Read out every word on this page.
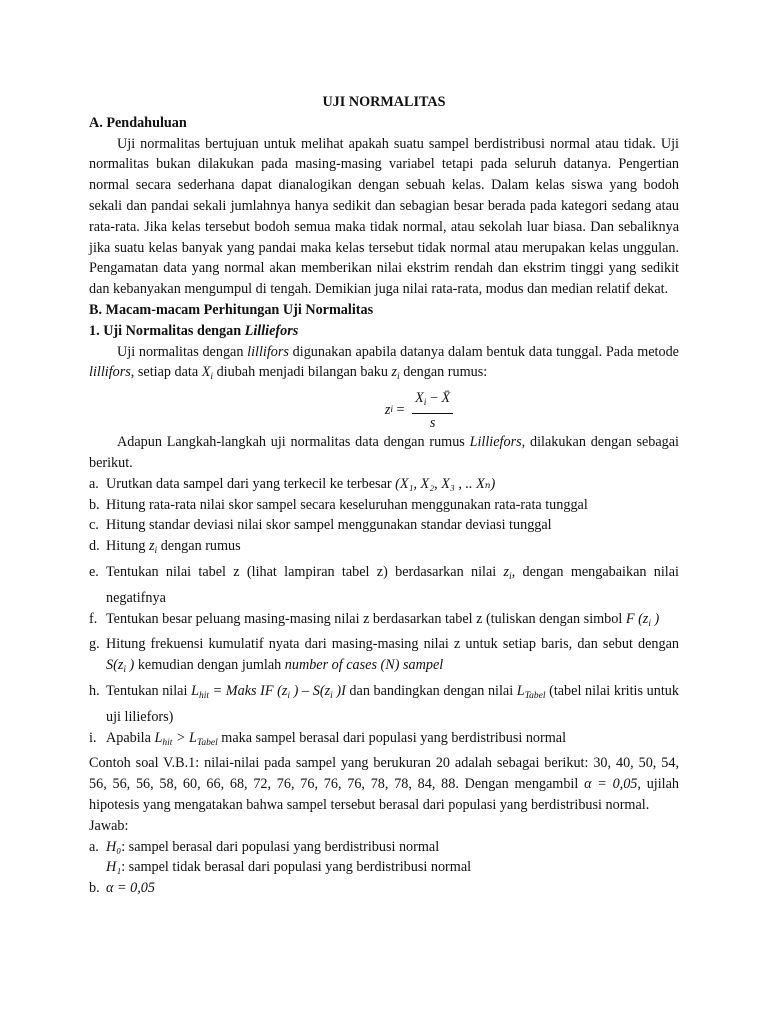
UJI NORMALITAS

A. Pendahuluan

Uji normalitas bertujuan untuk melihat apakah suatu sampel berdistribusi normal atau tidak. Uji normalitas bukan dilakukan pada masing-masing variabel tetapi pada seluruh datanya. Pengertian normal secara sederhana dapat dianalogikan dengan sebuah kelas. Dalam kelas siswa yang bodoh sekali dan pandai sekali jumlahnya hanya sedikit dan sebagian besar berada pada kategori sedang atau rata-rata. Jika kelas tersebut bodoh semua maka tidak normal, atau sekolah luar biasa. Dan sebaliknya jika suatu kelas banyak yang pandai maka kelas tersebut tidak normal atau merupakan kelas unggulan. Pengamatan data yang normal akan memberikan nilai ekstrim rendah dan ekstrim tinggi yang sedikit dan kebanyakan mengumpul di tengah. Demikian juga nilai rata-rata, modus dan median relatif dekat.

B. Macam-macam Perhitungan Uji Normalitas

1. Uji Normalitas dengan Lilliefors

Uji normalitas dengan lillifors digunakan apabila datanya dalam bentuk data tunggal. Pada metode lillifors, setiap data $X_i$ diubah menjadi bilangan baku $z_i$ dengan rumus:

z $i = \frac{X_i - X̄}{s}$

Adapun Langkah-langkah uji normalitas data dengan rumus Lilliefors, dilakukan dengan sebagai berikut.

a. Urutkan data sampel dari yang terkecil ke terbesar (X₁, X₂, X₃ , .. Xₙ)
b. Hitung rata-rata nilai skor sampel secara keseluruhan menggunakan rata-rata tunggal
c. Hitung standar deviasi nilai skor sampel menggunakan standar deviasi tunggal
d. Hitung $z_i$ dengan rumus
e. Tentukan nilai tabel z (lihat lampiran tabel z) berdasarkan nilai $z_i$, dengan mengabaikan nilai negatifnya
f. Tentukan besar peluang masing-masing nilai z berdasarkan tabel z (tuliskan dengan simbol F ($z_i$ )
g. Hitung frekuensi kumulatif nyata dari masing-masing nilai z untuk setiap baris, dan sebut dengan $S(z_i$ ) kemudian dengan jumlah number of cases (N) sampel
h. Tentukan nilai $L_{hit}$ = Maks IF ($z_i$ ) – $S(z_i$ )I dan bandingkan dengan nilai $L_{Tabel}$ (tabel nilai kritis untuk uji liliefors)
i. Apabila $L_{hit} > L_{Tabel}$ maka sampel berasal dari populasi yang berdistribusi normal

Contoh soal V.B.1: nilai-nilai pada sampel yang berukuran 20 adalah sebagai berikut: 30, 40, 50, 54, 56, 56, 56, 58, 60, 66, 68, 72, 76, 76, 76, 76, 78, 78, 84, 88. Dengan mengambil α = 0,05, ujilah hipotesis yang mengatakan bahwa sampel tersebut berasal dari populasi yang berdistribusi normal.

Jawab:

a. H₀: sampel berasal dari populasi yang berdistribusi normal

H₁: sampel tidak berasal dari populasi yang berdistribusi normal

b. α = 0,05
